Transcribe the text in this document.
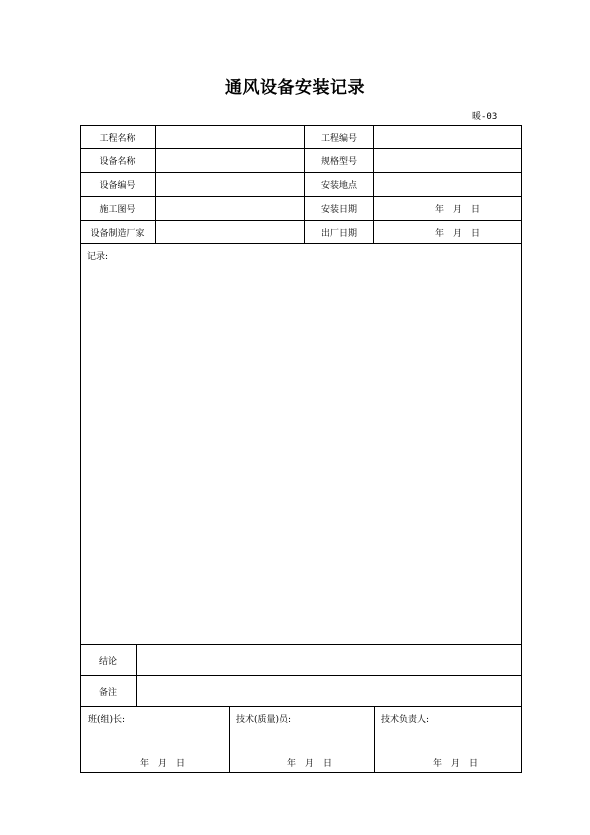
通风设备安装记录
暖-03
工程名称	工程编号
设备名称	规格型号
设备编号	安装地点
施工图号	安装日期	年　月　日
设备制造厂家	出厂日期	年　月　日
记录:
结论
备注
班(组)长:
年　月　日
技术(质量)员:
年　月　日
技术负责人:
年　月　日
